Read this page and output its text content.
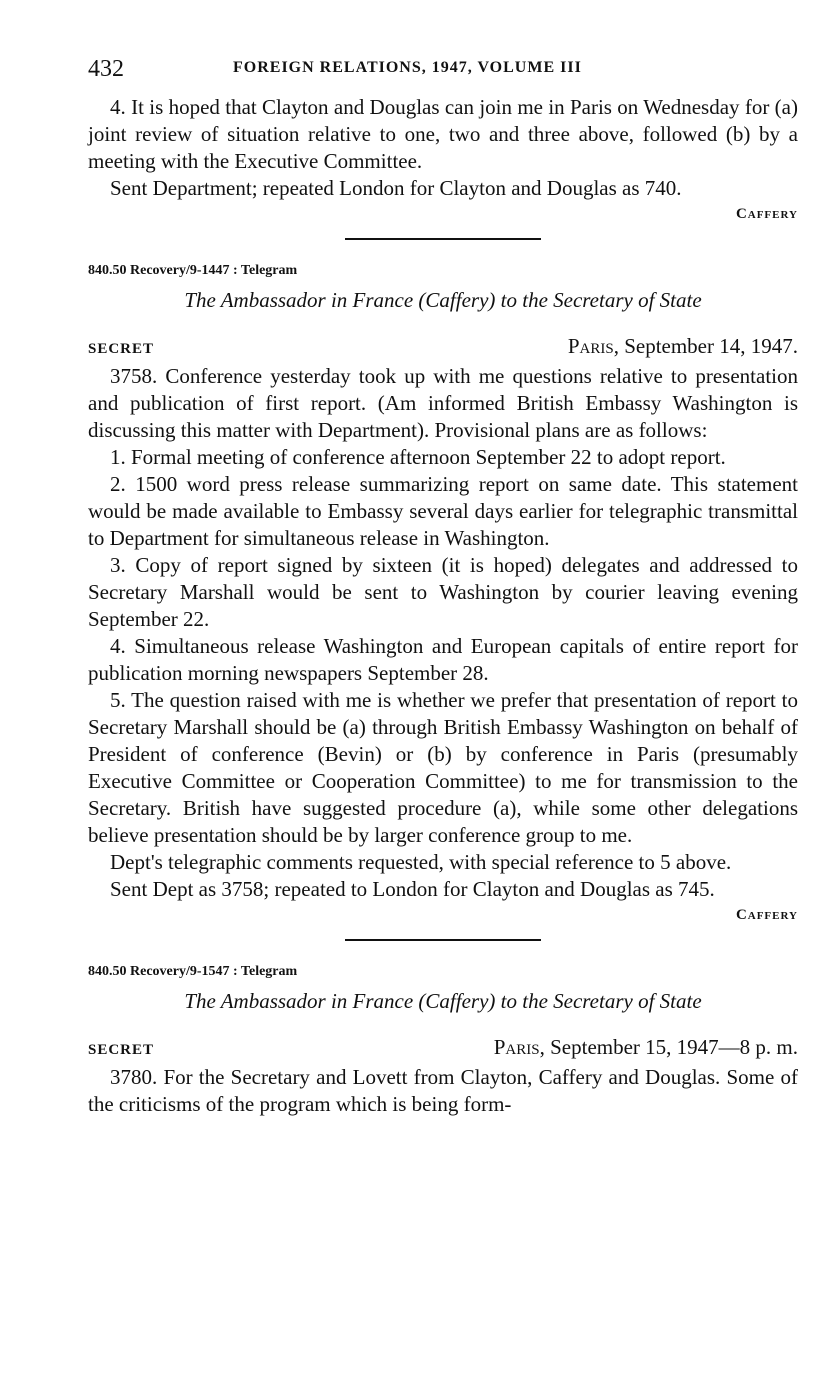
432	FOREIGN RELATIONS, 1947, VOLUME III

4. It is hoped that Clayton and Douglas can join me in Paris on Wednesday for (a) joint review of situation relative to one, two and three above, followed (b) by a meeting with the Executive Committee.

Sent Department; repeated London for Clayton and Douglas as 740.

Caffery
840.50 Recovery/9-1447 : Telegram
The Ambassador in France (Caffery) to the Secretary of State
SECRET	Paris, September 14, 1947.

3758. Conference yesterday took up with me questions relative to presentation and publication of first report. (Am informed British Embassy Washington is discussing this matter with Department). Provisional plans are as follows:

1. Formal meeting of conference afternoon September 22 to adopt report.

2. 1500 word press release summarizing report on same date. This statement would be made available to Embassy several days earlier for telegraphic transmittal to Department for simultaneous release in Washington.

3. Copy of report signed by sixteen (it is hoped) delegates and addressed to Secretary Marshall would be sent to Washington by courier leaving evening September 22.

4. Simultaneous release Washington and European capitals of entire report for publication morning newspapers September 28.

5. The question raised with me is whether we prefer that presentation of report to Secretary Marshall should be (a) through British Embassy Washington on behalf of President of conference (Bevin) or (b) by conference in Paris (presumably Executive Committee or Cooperation Committee) to me for transmission to the Secretary. British have suggested procedure (a), while some other delegations believe presentation should be by larger conference group to me.

Dept's telegraphic comments requested, with special reference to 5 above.

Sent Dept as 3758; repeated to London for Clayton and Douglas as 745.

Caffery
840.50 Recovery/9-1547 : Telegram
The Ambassador in France (Caffery) to the Secretary of State
SECRET	Paris, September 15, 1947—8 p. m.

3780. For the Secretary and Lovett from Clayton, Caffery and Douglas. Some of the criticisms of the program which is being form-
